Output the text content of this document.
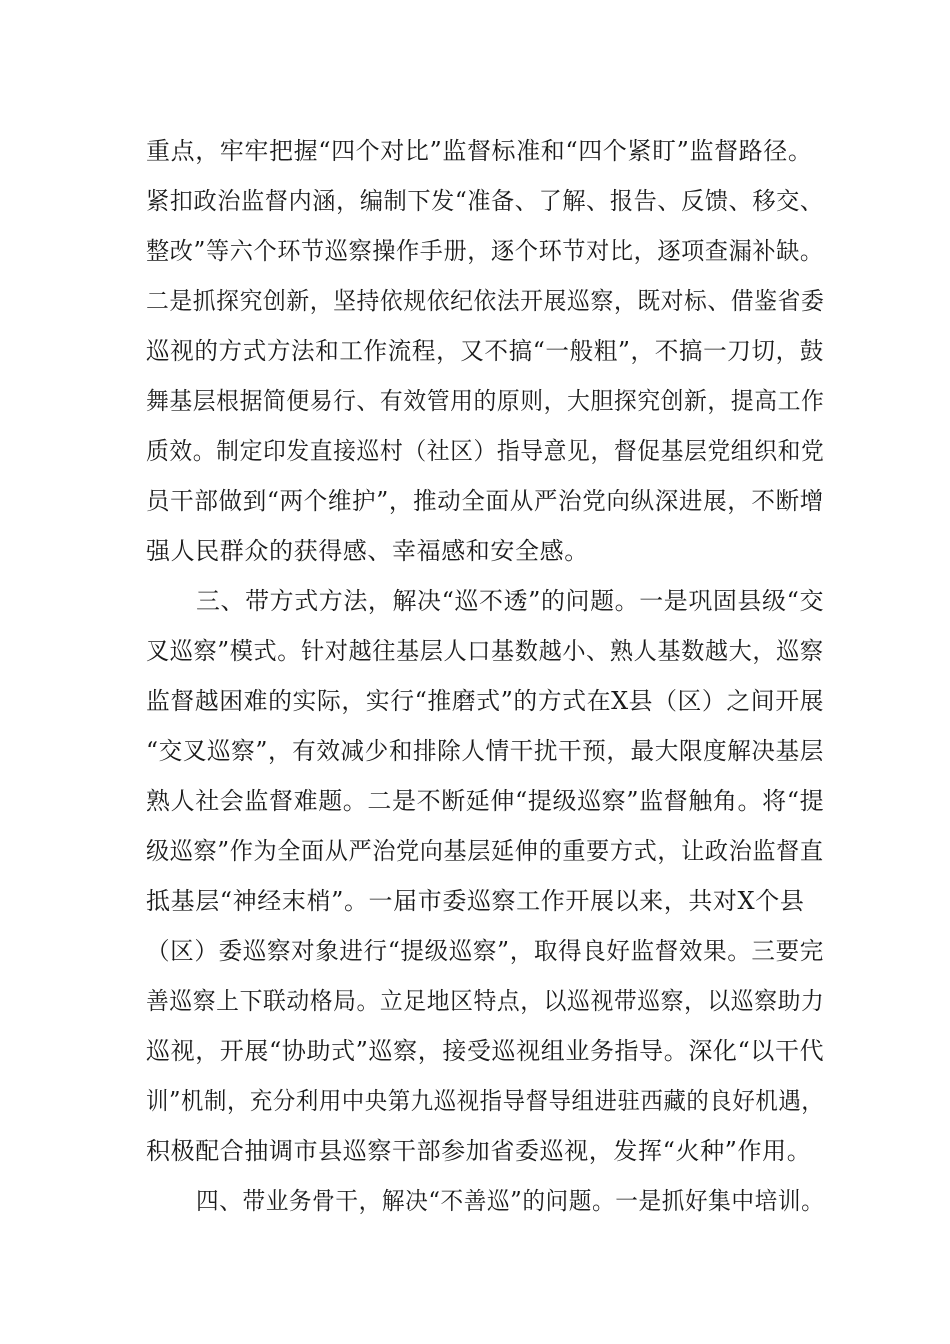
重点，牢牢把握“四个对比”监督标准和“四个紧盯”监督路径。
紧扣政治监督内涵，编制下发“准备、了解、报告、反馈、移交、
整改”等六个环节巡察操作手册，逐个环节对比，逐项查漏补缺。
二是抓探究创新，坚持依规依纪依法开展巡察，既对标、借鉴省委
巡视的方式方法和工作流程，又不搞“一般粗”，不搞一刀切，鼓
舞基层根据简便易行、有效管用的原则，大胆探究创新，提高工作
质效。制定印发直接巡村（社区）指导意见，督促基层党组织和党
员干部做到“两个维护”，推动全面从严治党向纵深进展，不断增
强人民群众的获得感、幸福感和安全感。
三、带方式方法，解决“巡不透”的问题。一是巩固县级“交
叉巡察”模式。针对越往基层人口基数越小、熟人基数越大，巡察
监督越困难的实际，实行“推磨式”的方式在X县（区）之间开展
“交叉巡察”，有效减少和排除人情干扰干预，最大限度解决基层
熟人社会监督难题。二是不断延伸“提级巡察”监督触角。将“提
级巡察”作为全面从严治党向基层延伸的重要方式，让政治监督直
抵基层“神经末梢”。一届市委巡察工作开展以来，共对X个县
（区）委巡察对象进行“提级巡察”，取得良好监督效果。三要完
善巡察上下联动格局。立足地区特点，以巡视带巡察，以巡察助力
巡视，开展“协助式”巡察，接受巡视组业务指导。深化“以干代
训”机制，充分利用中央第九巡视指导督导组进驻西藏的良好机遇，
积极配合抽调市县巡察干部参加省委巡视，发挥“火种”作用。
四、带业务骨干，解决“不善巡”的问题。一是抓好集中培训。
